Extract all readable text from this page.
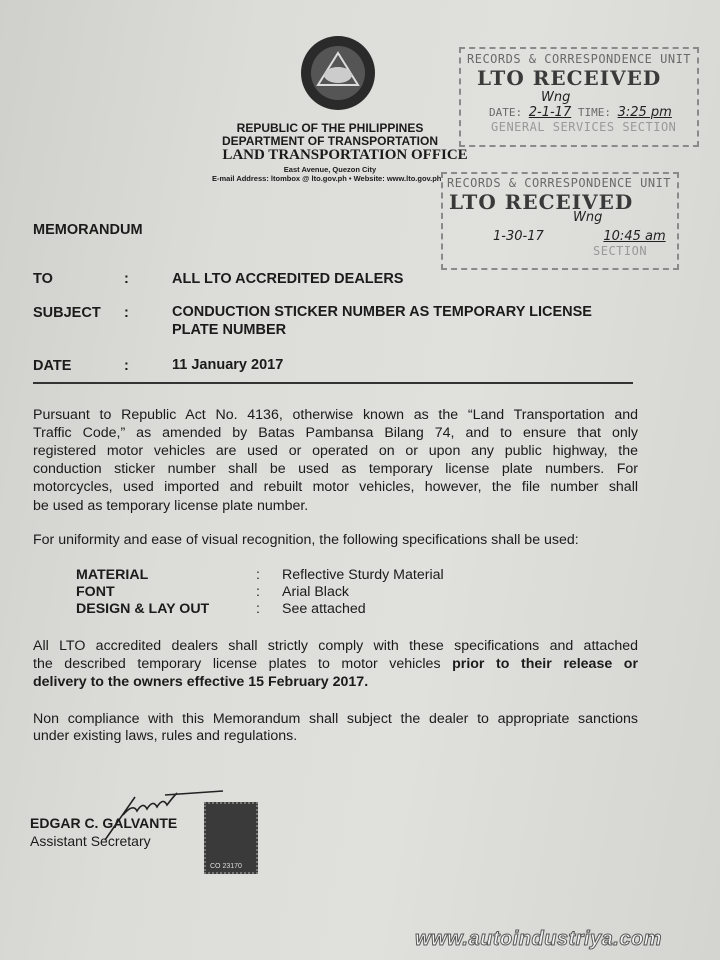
REPUBLIC OF THE PHILIPPINES
DEPARTMENT OF TRANSPORTATION
LAND TRANSPORTATION OFFICE
East Avenue, Quezon City
E-mail Address: ltombox @ lto.gov.ph • Website: www.lto.gov.ph
RECORDS & CORRESPONDENCE UNIT
LTO RECEIVED
Wng
DATE: 2-1-17 TIME: 3:25 pm
GENERAL SERVICES SECTION
RECORDS & CORRESPONDENCE UNIT
LTO RECEIVED
Wng
1-30-17	10:45 am
SECTION
MEMORANDUM
TO	:	ALL LTO ACCREDITED DEALERS
SUBJECT :	CONDUCTION STICKER NUMBER AS TEMPORARY LICENSE
PLATE NUMBER
DATE	:	11 January 2017
Pursuant to Republic Act No. 4136, otherwise known as the “Land Transportation and
Traffic Code,” as amended by Batas Pambansa Bilang 74, and to ensure that only
registered motor vehicles are used or operated on or upon any public highway, the
conduction sticker number shall be used as temporary license plate numbers. For
motorcycles, used imported and rebuilt motor vehicles, however, the file number shall
be used as temporary license plate number.
For uniformity and ease of visual recognition, the following specifications shall be used:
MATERIAL	: Reflective Sturdy Material
FONT	: Arial Black
DESIGN & LAY OUT	: See attached
All LTO accredited dealers shall strictly comply with these specifications and attached
the described temporary license plates to motor vehicles prior to their release or
delivery to the owners effective 15 February 2017.
Non compliance with this Memorandum shall subject the dealer to appropriate sanctions
under existing laws, rules and regulations.
EDGAR C. GALVANTE
Assistant Secretary
CO 23170
www.autoindustriya.com
